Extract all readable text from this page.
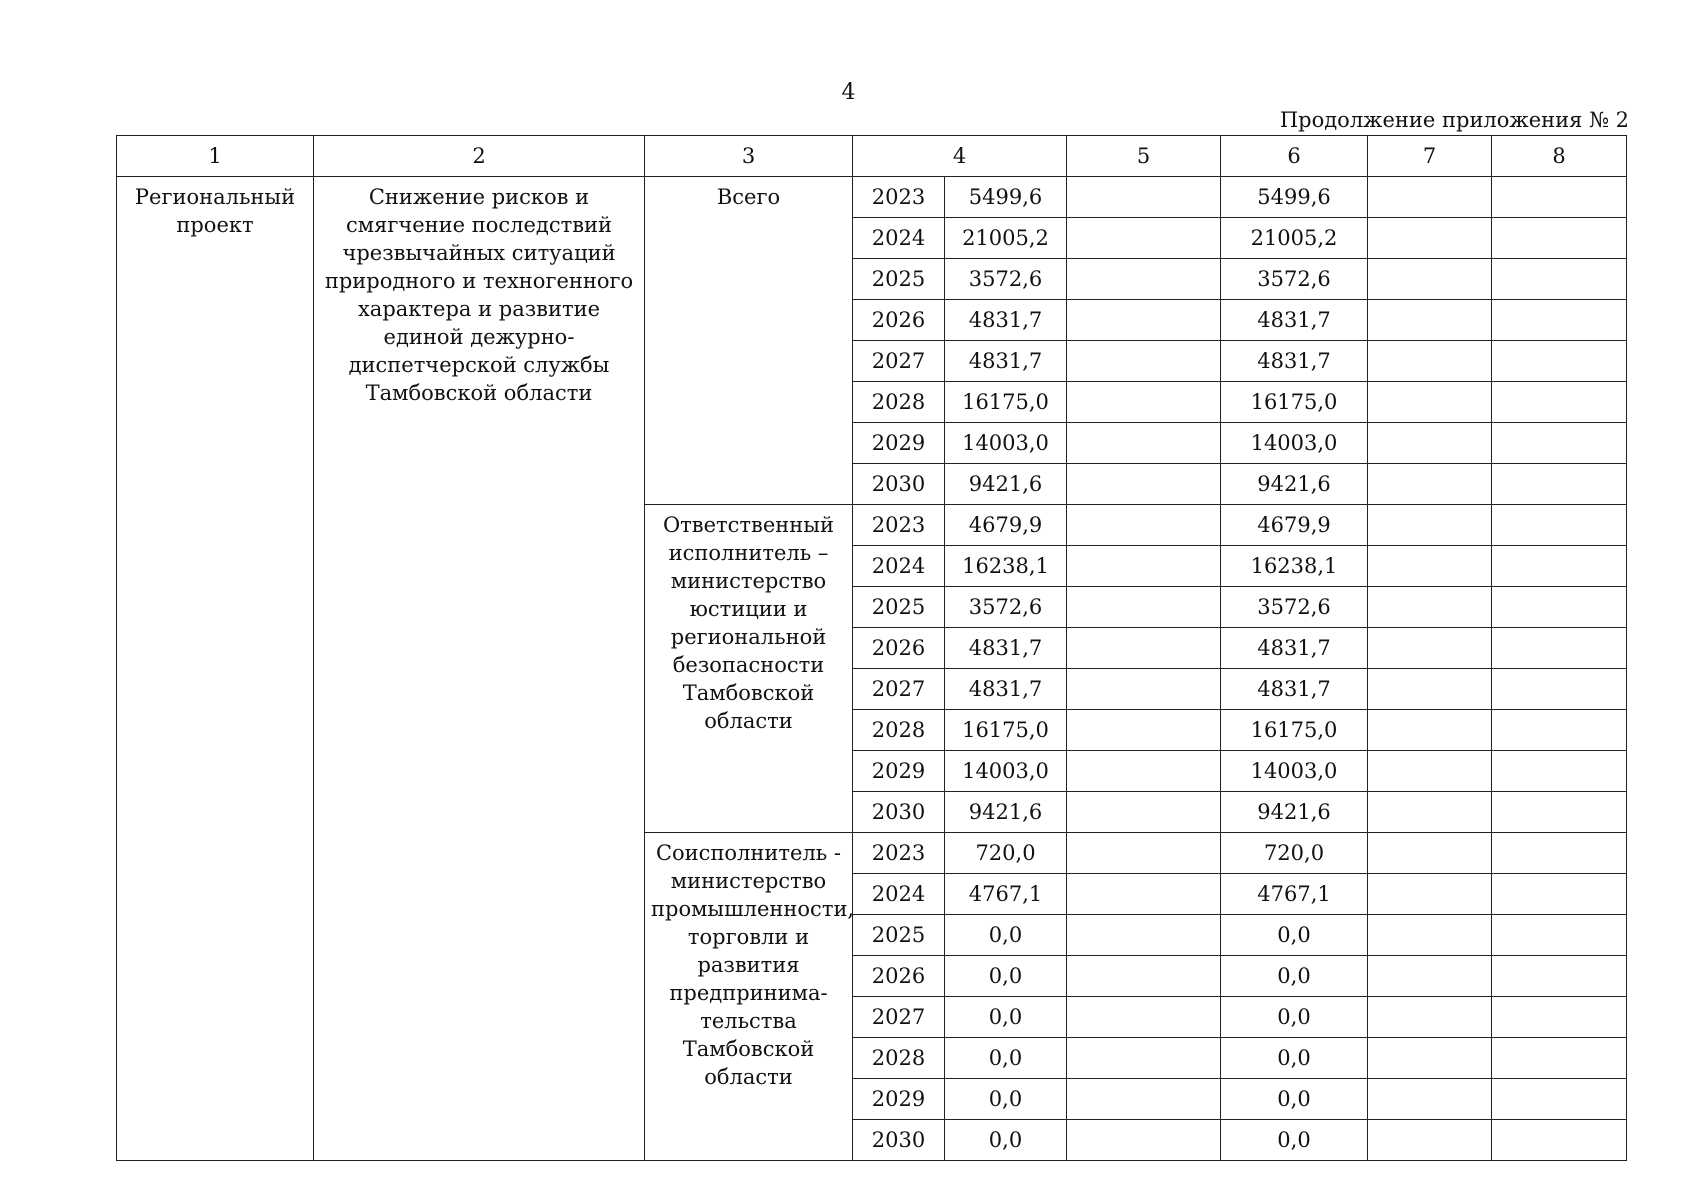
4
Продолжение приложения № 2
1	2	3	4		5	6	7	8
Региональный проект	Снижение рисков и смягчение последствий чрезвычайных ситуаций природного и техногенного характера и развитие единой дежурно-диспетчерской службы Тамбовской области	Всего	2023	5499,6		5499,6		
			2024	21005,2		21005,2		
			2025	3572,6		3572,6		
			2026	4831,7		4831,7		
			2027	4831,7		4831,7		
			2028	16175,0		16175,0		
			2029	14003,0		14003,0		
			2030	9421,6		9421,6		
		Ответственный исполнитель – министерство юстиции и региональной безопасности Тамбовской области	2023	4679,9		4679,9		
			2024	16238,1		16238,1		
			2025	3572,6		3572,6		
			2026	4831,7		4831,7		
			2027	4831,7		4831,7		
			2028	16175,0		16175,0		
			2029	14003,0		14003,0		
			2030	9421,6		9421,6		
		Соисполнитель - министерство промышленности, торговли и развития предпринима-тельства Тамбовской области	2023	720,0		720,0		
			2024	4767,1		4767,1		
			2025	0,0		0,0		
			2026	0,0		0,0		
			2027	0,0		0,0		
			2028	0,0		0,0		
			2029	0,0		0,0		
			2030	0,0		0,0		
